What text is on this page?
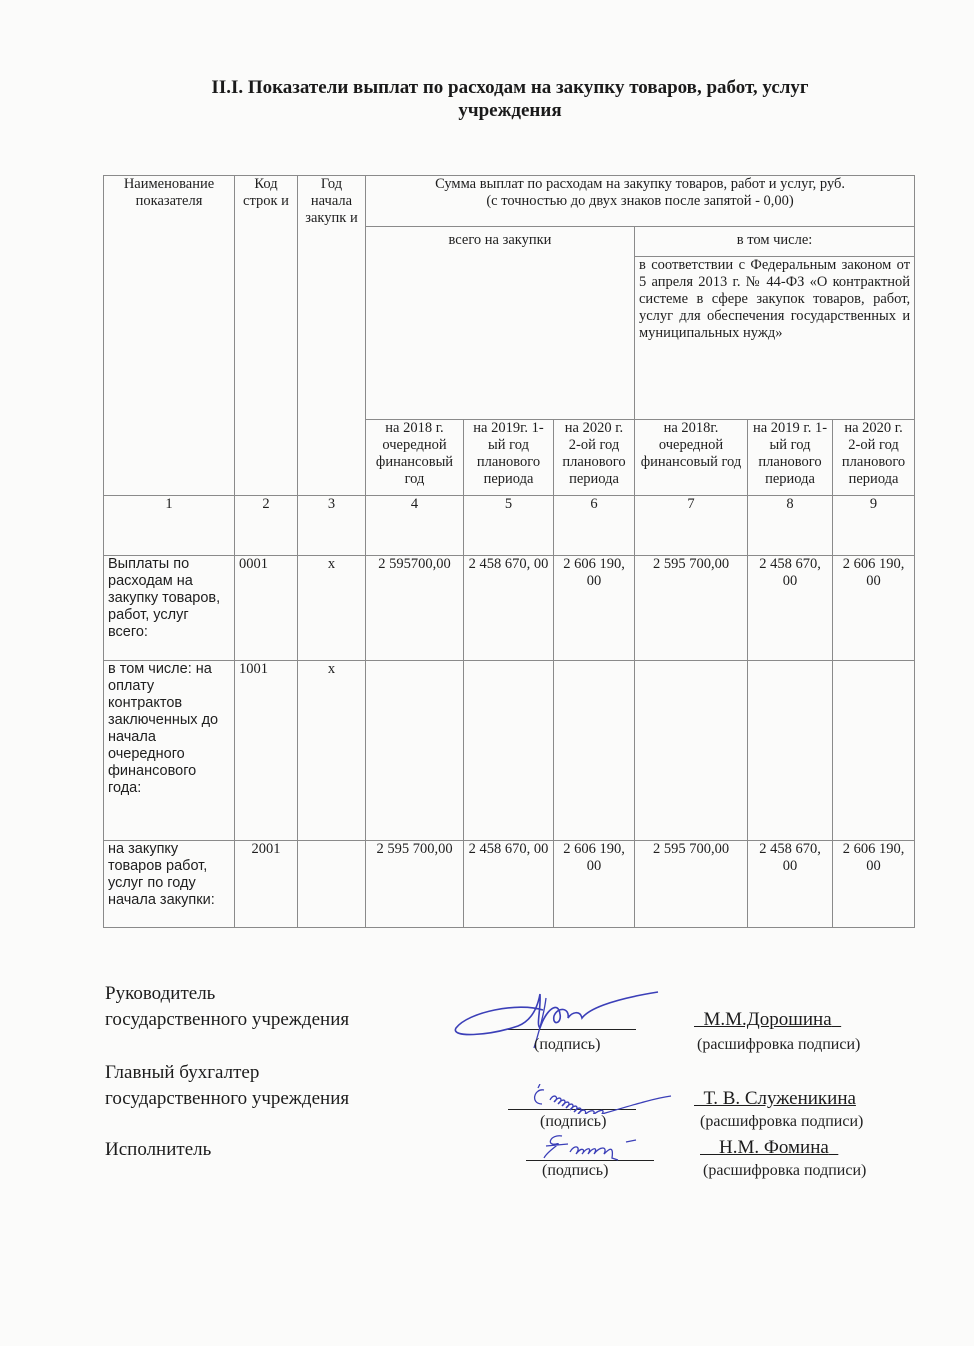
II.I. Показатели выплат по расходам на закупку товаров, работ, услуг
учреждения
Наименование показателя	Код строк и	Год начала закупк и	Сумма выплат по расходам на закупку товаров, работ и услуг, руб.
(с точностью до двух знаков после запятой - 0,00)					

			всего на закупки			в том числе:		
						в соответствии с Федеральным законом от 5 апреля 2013 г. № 44-ФЗ «О контрактной системе в сфере закупок товаров, работ, услуг для обеспечения государственных и муниципальных нужд»		
			на 2018 г. очередной финансовый год	на 2019г. 1-ый год планового периода	на 2020 г. 2-ой год планового периода	на 2018г. очередной финансовый год	на 2019 г. 1-ый год планового периода	на 2020 г. 2-ой год планового периода
1	2	3	4	5	6	7	8	9
Выплаты по расходам на закупку товаров, работ, услуг всего:	0001	х	2 595700,00	2 458 670, 00	2 606 190, 00	2 595 700,00	2 458 670, 00	2 606 190, 00
в том числе: на оплату контрактов заключенных до начала очередного финансового года:	1001	х						
на закупку товаров работ, услуг по году начала закупки:	2001		2 595 700,00	2 458 670, 00	2 606 190, 00	2 595 700,00	2 458 670, 00	2 606 190, 00
Руководитель
государственного учреждения
(подпись)
М.М.Дорошина
(расшифровка подписи)
Главный бухгалтер
государственного учреждения
(подпись)
Т. В. Служеникина
(расшифровка подписи)
Исполнитель
(подпись)
Н.М. Фомина
(расшифровка подписи)
